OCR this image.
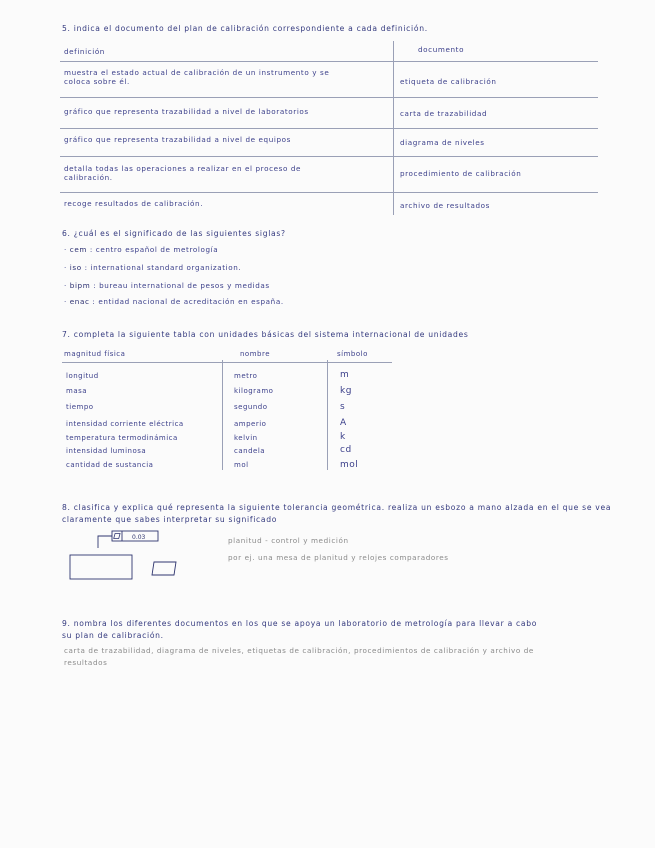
5. indica el documento del plan de calibración correspondiente a cada definición.
definición	documento
muestra el estado actual de calibración de un instrumento y se coloca sobre él.	etiqueta de calibración
gráfico que representa trazabilidad a nivel de laboratorios	carta de trazabilidad
gráfico que representa trazabilidad a nivel de equipos	diagrama de niveles
detalla todas las operaciones a realizar en el proceso de calibración.	procedimiento de calibración
recoge resultados de calibración.	archivo de resultados
6. ¿cuál es el significado de las siguientes siglas?
· cem : centro español de metrología
· iso : international standard organization.
· bipm : bureau international de pesos y medidas
· enac : entidad nacional de acreditación en españa.
7. completa la siguiente tabla con unidades básicas del sistema internacional de unidades
magnitud física	nombre	símbolo
longitud	metro	m
masa	kilogramo	kg
tiempo	segundo	s
intensidad corriente eléctrica	amperio	A
temperatura termodinámica	kelvin	k
intensidad luminosa	candela	cd
cantidad de sustancia	mol	mol
8. clasifica y explica qué representa la siguiente tolerancia geométrica. realiza un esbozo a mano alzada en el que se vea claramente que sabes interpretar su significado
0.03	planitud - control y medición
por ej. una mesa de planitud y relojes comparadores
9. nombra los diferentes documentos en los que se apoya un laboratorio de metrología para llevar a cabo su plan de calibración.
carta de trazabilidad, diagrama de niveles, etiquetas de calibración, procedimientos de calibración y archivo de resultados
